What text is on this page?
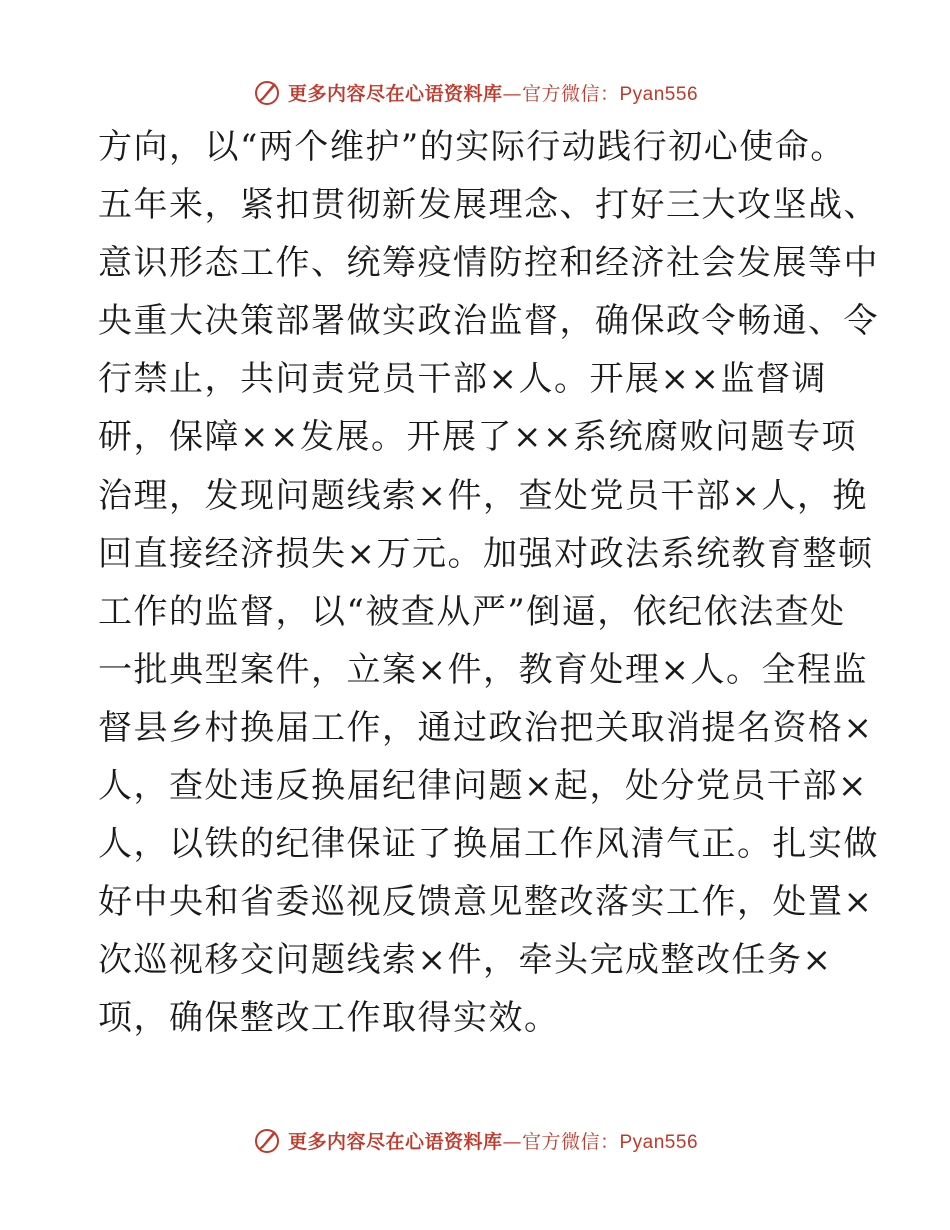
更多内容尽在心语资料库—官方微信：Pyan556
方向，以“两个维护”的实际行动践行初心使命。
五年来，紧扣贯彻新发展理念、打好三大攻坚战、
意识形态工作、统筹疫情防控和经济社会发展等中
央重大决策部署做实政治监督，确保政令畅通、令
行禁止，共问责党员干部×人。开展××监督调
研，保障××发展。开展了××系统腐败问题专项
治理，发现问题线索×件，查处党员干部×人，挽
回直接经济损失×万元。加强对政法系统教育整顿
工作的监督，以“被查从严”倒逼，依纪依法查处
一批典型案件，立案×件，教育处理×人。全程监
督县乡村换届工作，通过政治把关取消提名资格×
人，查处违反换届纪律问题×起，处分党员干部×
人，以铁的纪律保证了换届工作风清气正。扎实做
好中央和省委巡视反馈意见整改落实工作，处置×
次巡视移交问题线索×件，牵头完成整改任务×
项，确保整改工作取得实效。
更多内容尽在心语资料库—官方微信：Pyan556
